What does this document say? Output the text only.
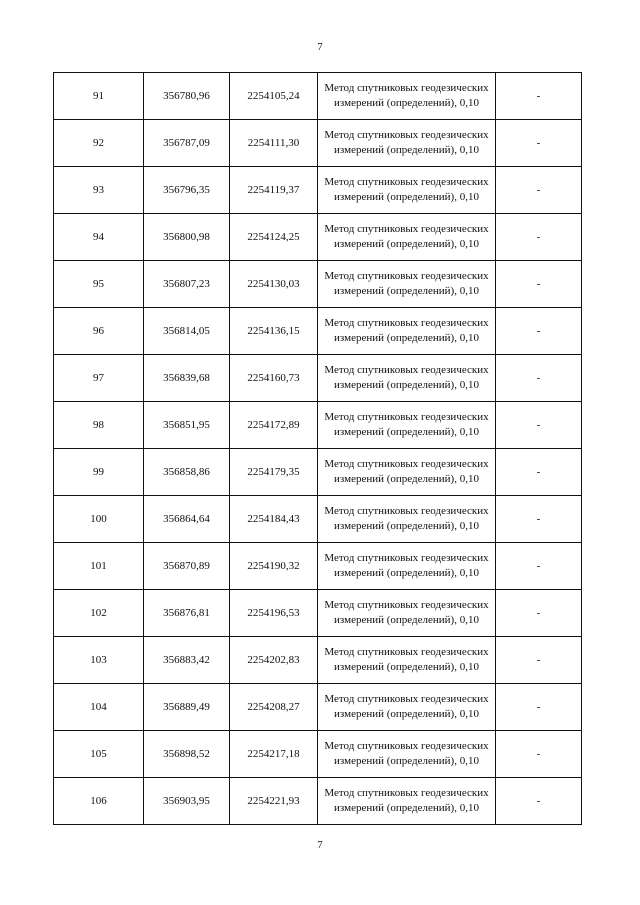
7
91	356780,96	2254105,24	Метод спутниковых геодезических измерений (определений), 0,10	-
92	356787,09	2254111,30	Метод спутниковых геодезических измерений (определений), 0,10	-
93	356796,35	2254119,37	Метод спутниковых геодезических измерений (определений), 0,10	-
94	356800,98	2254124,25	Метод спутниковых геодезических измерений (определений), 0,10	-
95	356807,23	2254130,03	Метод спутниковых геодезических измерений (определений), 0,10	-
96	356814,05	2254136,15	Метод спутниковых геодезических измерений (определений), 0,10	-
97	356839,68	2254160,73	Метод спутниковых геодезических измерений (определений), 0,10	-
98	356851,95	2254172,89	Метод спутниковых геодезических измерений (определений), 0,10	-
99	356858,86	2254179,35	Метод спутниковых геодезических измерений (определений), 0,10	-
100	356864,64	2254184,43	Метод спутниковых геодезических измерений (определений), 0,10	-
101	356870,89	2254190,32	Метод спутниковых геодезических измерений (определений), 0,10	-
102	356876,81	2254196,53	Метод спутниковых геодезических измерений (определений), 0,10	-
103	356883,42	2254202,83	Метод спутниковых геодезических измерений (определений), 0,10	-
104	356889,49	2254208,27	Метод спутниковых геодезических измерений (определений), 0,10	-
105	356898,52	2254217,18	Метод спутниковых геодезических измерений (определений), 0,10	-
106	356903,95	2254221,93	Метод спутниковых геодезических измерений (определений), 0,10	-
7
